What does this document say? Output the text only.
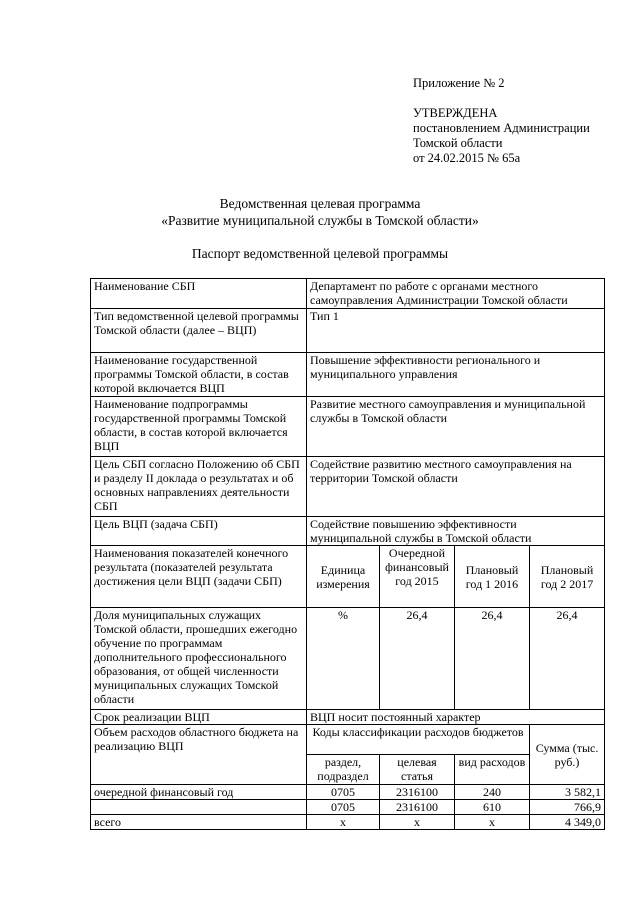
Приложение № 2
УТВЕРЖДЕНА
постановлением Администрации
Томской области
от 24.02.2015 № 65а
Ведомственная целевая программа
«Развитие муниципальной службы в Томской области»
Паспорт ведомственной целевой программы
Наименование СБП	Департамент по работе с органами местного самоуправления Администрации Томской области			
Тип ведомственной целевой программы Томской области (далее – ВЦП)	Тип 1			
Наименование государственной программы Томской области, в состав которой включается ВЦП	Повышение эффективности регионального и муниципального управления			
Наименование подпрограммы государственной программы Томской области, в состав которой включается ВЦП	Развитие местного самоуправления и муниципальной службы в Томской области			
Цель СБП согласно Положению об СБП и разделу II доклада о результатах и об основных направлениях деятельности СБП	Содействие развитию местного самоуправления на территории Томской области			
Цель ВЦП (задача СБП)	Содействие повышению эффективности муниципальной службы в Томской области			
Наименования показателей конечного результата (показателей результата достижения цели ВЦП (задачи СБП)	Единица измерения	Очередной финансовый год 2015	Плановый год 1 2016	Плановый год 2 2017
Доля муниципальных служащих Томской области, прошедших ежегодно обучение по программам дополнительного профессионального образования, от общей численности муниципальных служащих Томской области	%	26,4	26,4	26,4
Срок реализации ВЦП	ВЦП носит постоянный характер			
Объем расходов областного бюджета на реализацию ВЦП	Коды классификации расходов бюджетов			Сумма (тыс. руб.)
	раздел, подраздел	целевая статья	вид расходов	
очередной финансовый год	0705	2316100	240	3 582,1
	0705	2316100	610	766,9
всего	х	х	х	4 349,0
